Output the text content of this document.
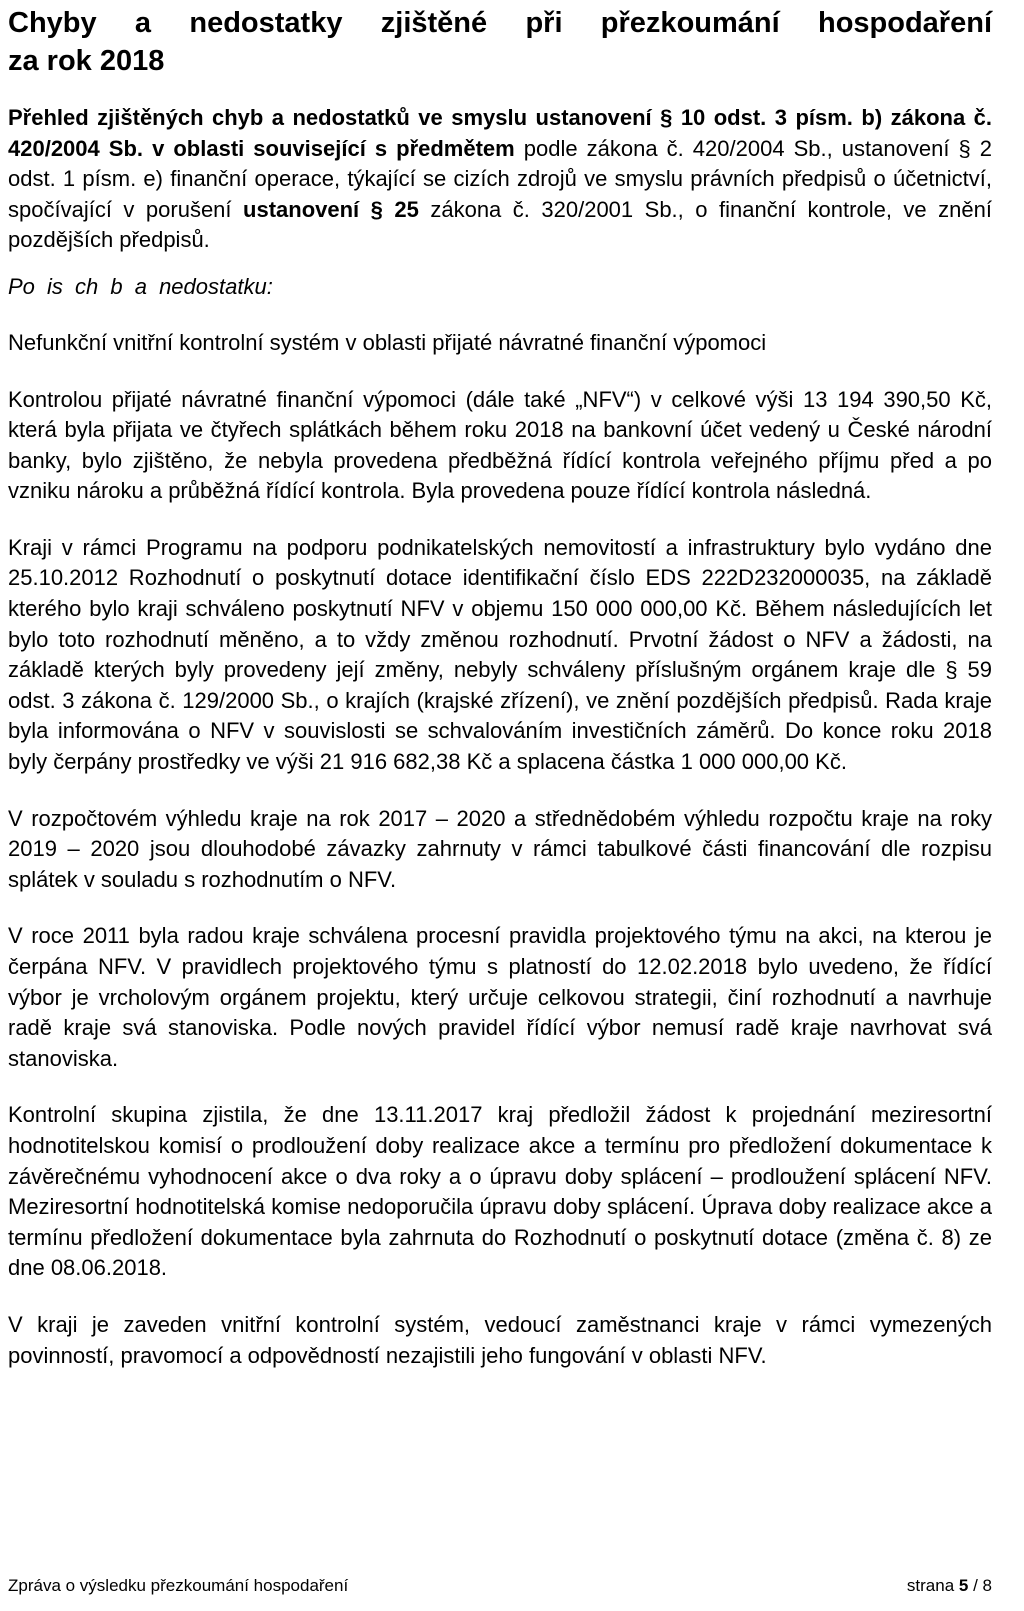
Chyby a nedostatky zjištěné při přezkoumání hospodaření
za rok 2018

Přehled zjištěných chyb a nedostatků ve smyslu ustanovení § 10 odst. 3 písm. b) zákona č. 420/2004 Sb. v oblasti související s předmětem podle zákona č. 420/2004 Sb., ustanovení § 2 odst. 1 písm. e) finanční operace, týkající se cizích zdrojů ve smyslu právních předpisů o účetnictví, spočívající v porušení ustanovení § 25 zákona č. 320/2001 Sb., o finanční kontrole, ve znění pozdějších předpisů.

Po is ch b a nedostatku:

Nefunkční vnitřní kontrolní systém v oblasti přijaté návratné finanční výpomoci

Kontrolou přijaté návratné finanční výpomoci (dále také „NFV“) v celkové výši 13 194 390,50 Kč, která byla přijata ve čtyřech splátkách během roku 2018 na bankovní účet vedený u České národní banky, bylo zjištěno, že nebyla provedena předběžná řídící kontrola veřejného příjmu před a po vzniku nároku a průběžná řídící kontrola. Byla provedena pouze řídící kontrola následná.

Kraji v rámci Programu na podporu podnikatelských nemovitostí a infrastruktury bylo vydáno dne 25.10.2012 Rozhodnutí o poskytnutí dotace identifikační číslo EDS 222D232000035, na základě kterého bylo kraji schváleno poskytnutí NFV v objemu 150 000 000,00 Kč. Během následujících let bylo toto rozhodnutí měněno, a to vždy změnou rozhodnutí. Prvotní žádost o NFV a žádosti, na základě kterých byly provedeny její změny, nebyly schváleny příslušným orgánem kraje dle § 59 odst. 3 zákona č. 129/2000 Sb., o krajích (krajské zřízení), ve znění pozdějších předpisů. Rada kraje byla informována o NFV v souvislosti se schvalováním investičních záměrů. Do konce roku 2018 byly čerpány prostředky ve výši 21 916 682,38 Kč a splacena částka 1 000 000,00 Kč.

V rozpočtovém výhledu kraje na rok 2017 – 2020 a střednědobém výhledu rozpočtu kraje na roky 2019 – 2020 jsou dlouhodobé závazky zahrnuty v rámci tabulkové části financování dle rozpisu splátek v souladu s rozhodnutím o NFV.

V roce 2011 byla radou kraje schválena procesní pravidla projektového týmu na akci, na kterou je čerpána NFV. V pravidlech projektového týmu s platností do 12.02.2018 bylo uvedeno, že řídící výbor je vrcholovým orgánem projektu, který určuje celkovou strategii, činí rozhodnutí a navrhuje radě kraje svá stanoviska. Podle nových pravidel řídící výbor nemusí radě kraje navrhovat svá stanoviska.

Kontrolní skupina zjistila, že dne 13.11.2017 kraj předložil žádost k projednání meziresortní hodnotitelskou komisí o prodloužení doby realizace akce a termínu pro předložení dokumentace k závěrečnému vyhodnocení akce o dva roky a o úpravu doby splácení – prodloužení splácení NFV. Meziresortní hodnotitelská komise nedoporučila úpravu doby splácení. Úprava doby realizace akce a termínu předložení dokumentace byla zahrnuta do Rozhodnutí o poskytnutí dotace (změna č. 8) ze dne 08.06.2018.

V kraji je zaveden vnitřní kontrolní systém, vedoucí zaměstnanci kraje v rámci vymezených povinností, pravomocí a odpovědností nezajistili jeho fungování v oblasti NFV.

Zpráva o výsledku přezkoumání hospodaření	strana 5 / 8
